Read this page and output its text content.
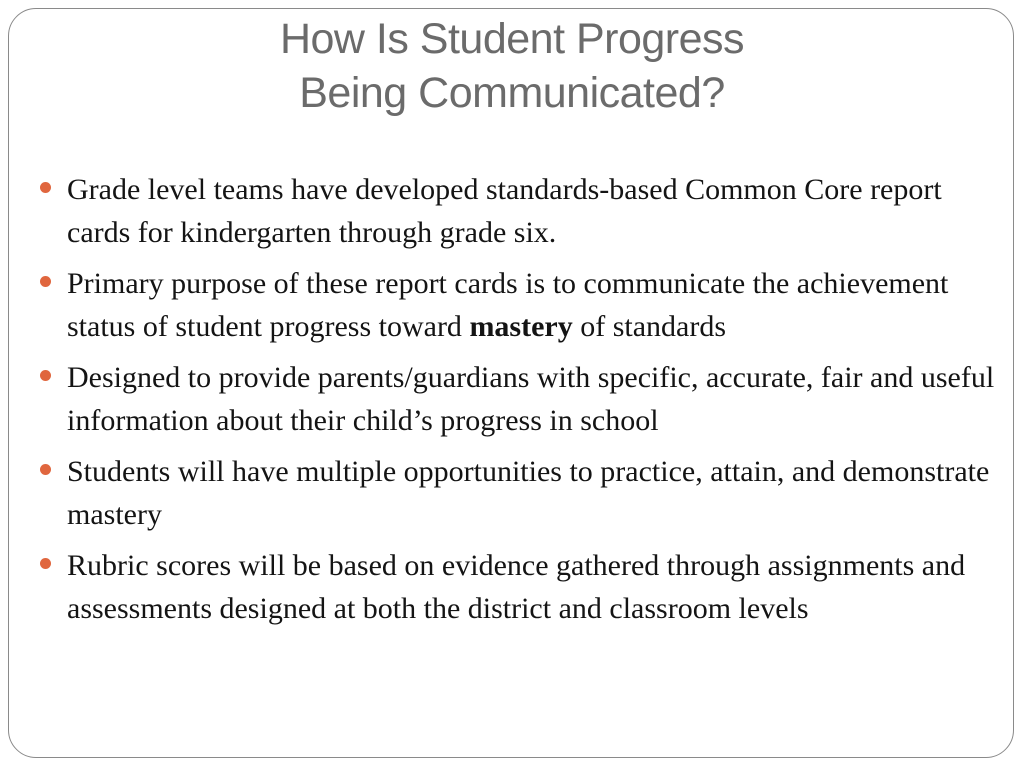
How Is Student Progress
Being Communicated?
Grade level teams have developed standards-based Common Core report cards for kindergarten through grade six.
Primary purpose of these report cards is to communicate the achievement status of student progress toward mastery of standards
Designed to provide parents/guardians with specific, accurate, fair and useful information about their child’s progress in school
Students will have multiple opportunities to practice, attain, and demonstrate mastery
Rubric scores will be based on evidence gathered through assignments and assessments designed at both the district and classroom levels
